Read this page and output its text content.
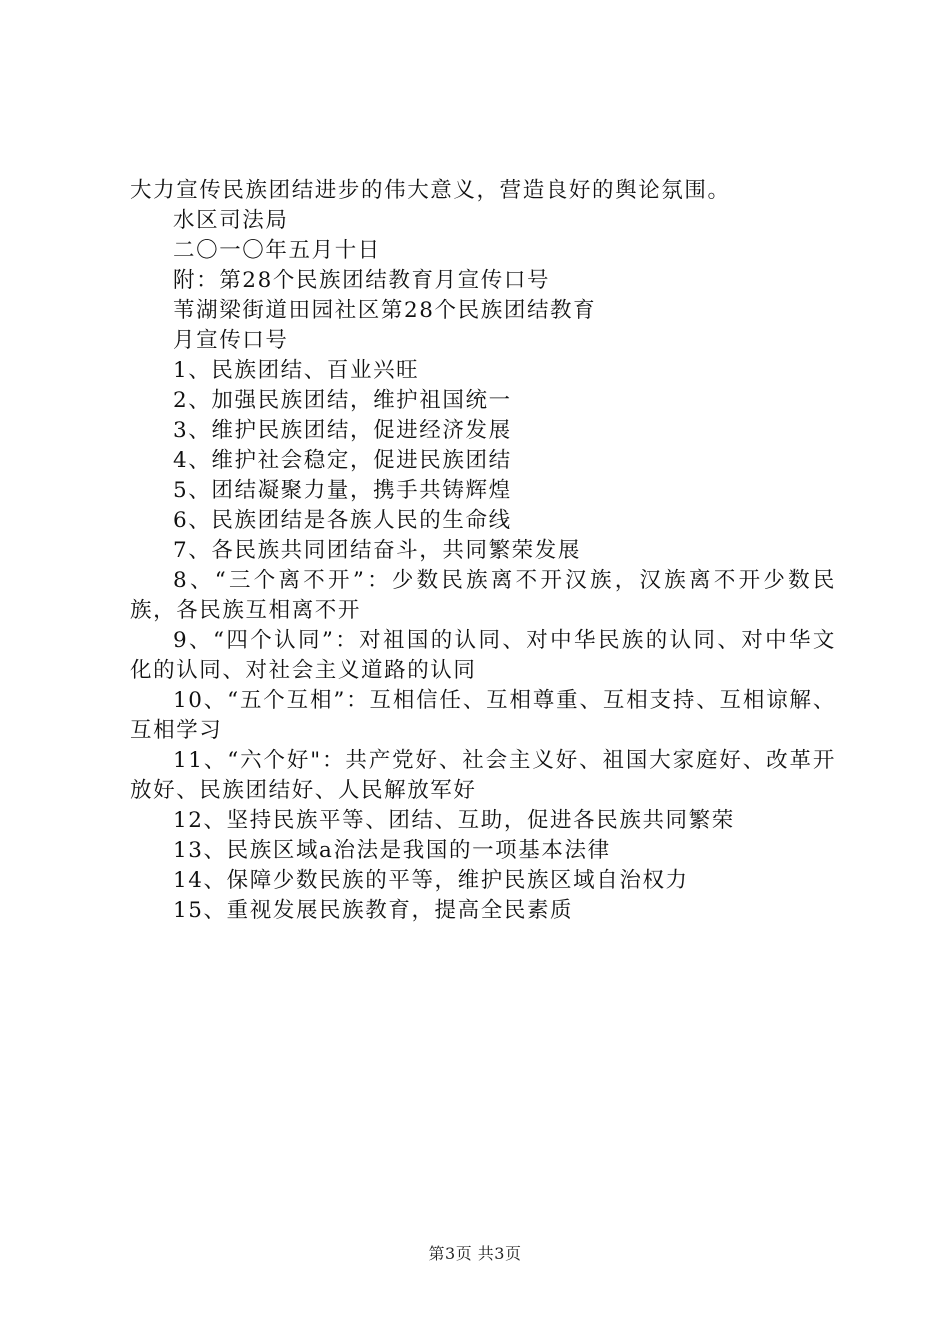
大力宣传民族团结进步的伟大意义，营造良好的舆论氛围。
水区司法局
二〇一〇年五月十日
附：第28个民族团结教育月宣传口号
苇湖梁街道田园社区第28个民族团结教育
月宣传口号
1、民族团结、百业兴旺
2、加强民族团结，维护祖国统一
3、维护民族团结，促进经济发展
4、维护社会稳定，促进民族团结
5、团结凝聚力量，携手共铸辉煌
6、民族团结是各族人民的生命线
7、各民族共同团结奋斗，共同繁荣发展
8、“三个离不开”：少数民族离不开汉族，汉族离不开少数民族，各民族互相离不开
9、“四个认同”：对祖国的认同、对中华民族的认同、对中华文化的认同、对社会主义道路的认同
10、“五个互相”：互相信任、互相尊重、互相支持、互相谅解、互相学习
11、“六个好"：共产党好、社会主义好、祖国大家庭好、改革开放好、民族团结好、人民解放军好
12、坚持民族平等、团结、互助，促进各民族共同繁荣
13、民族区域a治法是我国的一项基本法律
14、保障少数民族的平等，维护民族区域自治权力
15、重视发展民族教育，提高全民素质
第3页 共3页
